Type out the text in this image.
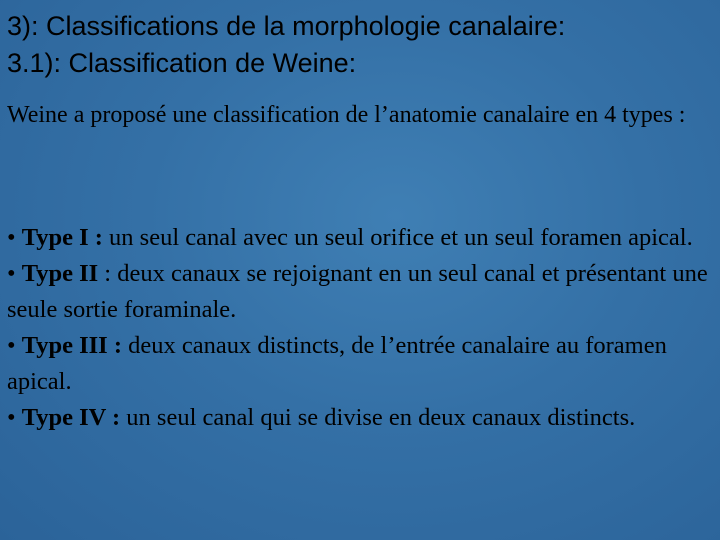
3): Classifications de la morphologie canalaire:
3.1): Classification de Weine:
Weine a proposé une classification de l’anatomie canalaire en 4 types :
• Type I : un seul canal avec un seul orifice et un seul foramen apical.
• Type II : deux canaux se rejoignant en un seul canal et présentant une seule sortie foraminale.
• Type III : deux canaux distincts, de l’entrée canalaire au foramen apical.
• Type IV : un seul canal qui se divise en deux canaux distincts.
